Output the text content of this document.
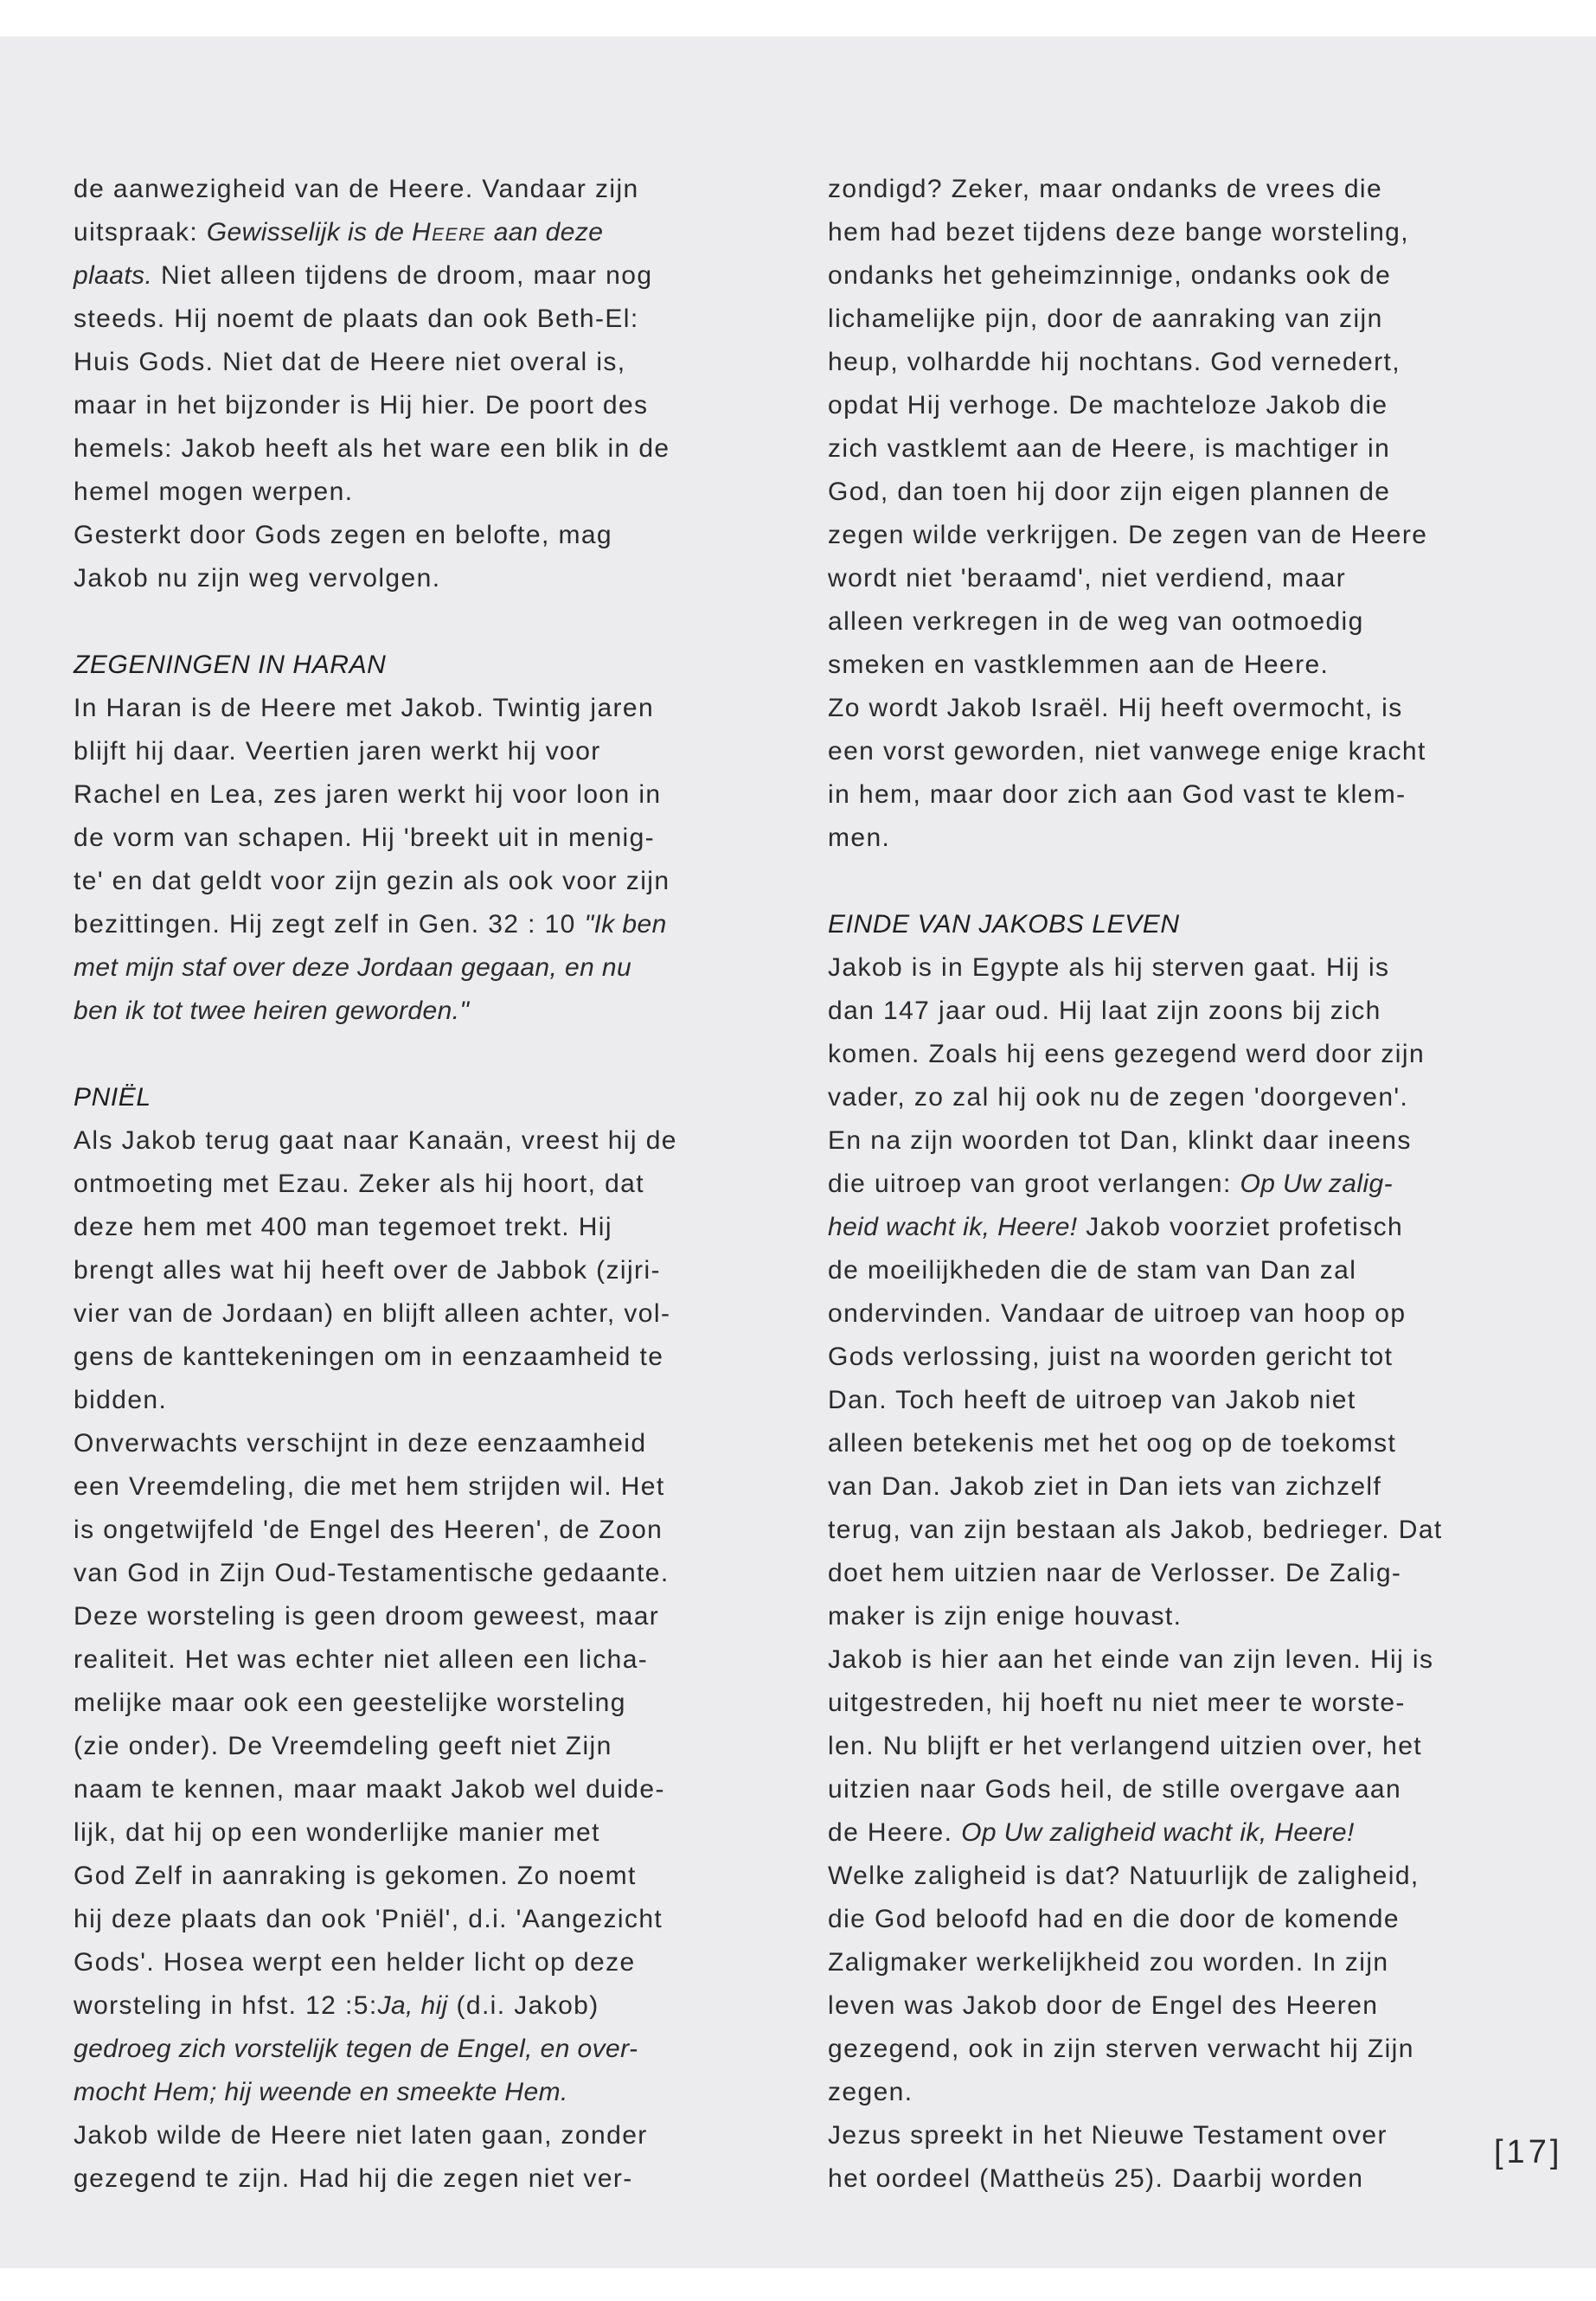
de aanwezigheid van de Heere. Vandaar zijn
uitspraak: Gewisselijk is de Heere aan deze
plaats. Niet alleen tijdens de droom, maar nog
steeds. Hij noemt de plaats dan ook Beth-El:
Huis Gods. Niet dat de Heere niet overal is,
maar in het bijzonder is Hij hier. De poort des
hemels: Jakob heeft als het ware een blik in de
hemel mogen werpen.
Gesterkt door Gods zegen en belofte, mag
Jakob nu zijn weg vervolgen.
ZEGENINGEN IN HARAN
In Haran is de Heere met Jakob. Twintig jaren
blijft hij daar. Veertien jaren werkt hij voor
Rachel en Lea, zes jaren werkt hij voor loon in
de vorm van schapen. Hij 'breekt uit in menig-
te' en dat geldt voor zijn gezin als ook voor zijn
bezittingen. Hij zegt zelf in Gen. 32 : 10 "Ik ben
met mijn staf over deze Jordaan gegaan, en nu
ben ik tot twee heiren geworden."
PNIËL
Als Jakob terug gaat naar Kanaän, vreest hij de
ontmoeting met Ezau. Zeker als hij hoort, dat
deze hem met 400 man tegemoet trekt. Hij
brengt alles wat hij heeft over de Jabbok (zijri-
vier van de Jordaan) en blijft alleen achter, vol-
gens de kanttekeningen om in eenzaamheid te
bidden.
Onverwachts verschijnt in deze eenzaamheid
een Vreemdeling, die met hem strijden wil. Het
is ongetwijfeld 'de Engel des Heeren', de Zoon
van God in Zijn Oud-Testamentische gedaante.
Deze worsteling is geen droom geweest, maar
realiteit. Het was echter niet alleen een licha-
melijke maar ook een geestelijke worsteling
(zie onder). De Vreemdeling geeft niet Zijn
naam te kennen, maar maakt Jakob wel duide-
lijk, dat hij op een wonderlijke manier met
God Zelf in aanraking is gekomen. Zo noemt
hij deze plaats dan ook 'Pniël', d.i. 'Aangezicht
Gods'. Hosea werpt een helder licht op deze
worsteling in hfst. 12 :5:Ja, hij (d.i. Jakob)
gedroeg zich vorstelijk tegen de Engel, en over-
mocht Hem; hij weende en smeekte Hem.
Jakob wilde de Heere niet laten gaan, zonder
gezegend te zijn. Had hij die zegen niet ver-
zondigd? Zeker, maar ondanks de vrees die
hem had bezet tijdens deze bange worsteling,
ondanks het geheimzinnige, ondanks ook de
lichamelijke pijn, door de aanraking van zijn
heup, volhardde hij nochtans. God vernedert,
opdat Hij verhoge. De machteloze Jakob die
zich vastklemt aan de Heere, is machtiger in
God, dan toen hij door zijn eigen plannen de
zegen wilde verkrijgen. De zegen van de Heere
wordt niet 'beraamd', niet verdiend, maar
alleen verkregen in de weg van ootmoedig
smeken en vastklemmen aan de Heere.
Zo wordt Jakob Israël. Hij heeft overmocht, is
een vorst geworden, niet vanwege enige kracht
in hem, maar door zich aan God vast te klem-
men.
EINDE VAN JAKOBS LEVEN
Jakob is in Egypte als hij sterven gaat. Hij is
dan 147 jaar oud. Hij laat zijn zoons bij zich
komen. Zoals hij eens gezegend werd door zijn
vader, zo zal hij ook nu de zegen 'doorgeven'.
En na zijn woorden tot Dan, klinkt daar ineens
die uitroep van groot verlangen: Op Uw zalig-
heid wacht ik, Heere! Jakob voorziet profetisch
de moeilijkheden die de stam van Dan zal
ondervinden. Vandaar de uitroep van hoop op
Gods verlossing, juist na woorden gericht tot
Dan. Toch heeft de uitroep van Jakob niet
alleen betekenis met het oog op de toekomst
van Dan. Jakob ziet in Dan iets van zichzelf
terug, van zijn bestaan als Jakob, bedrieger. Dat
doet hem uitzien naar de Verlosser. De Zalig-
maker is zijn enige houvast.
Jakob is hier aan het einde van zijn leven. Hij is
uitgestreden, hij hoeft nu niet meer te worste-
len. Nu blijft er het verlangend uitzien over, het
uitzien naar Gods heil, de stille overgave aan
de Heere. Op Uw zaligheid wacht ik, Heere!
Welke zaligheid is dat? Natuurlijk de zaligheid,
die God beloofd had en die door de komende
Zaligmaker werkelijkheid zou worden. In zijn
leven was Jakob door de Engel des Heeren
gezegend, ook in zijn sterven verwacht hij Zijn
zegen.
Jezus spreekt in het Nieuwe Testament over
het oordeel (Mattheüs 25). Daarbij worden
[17]
